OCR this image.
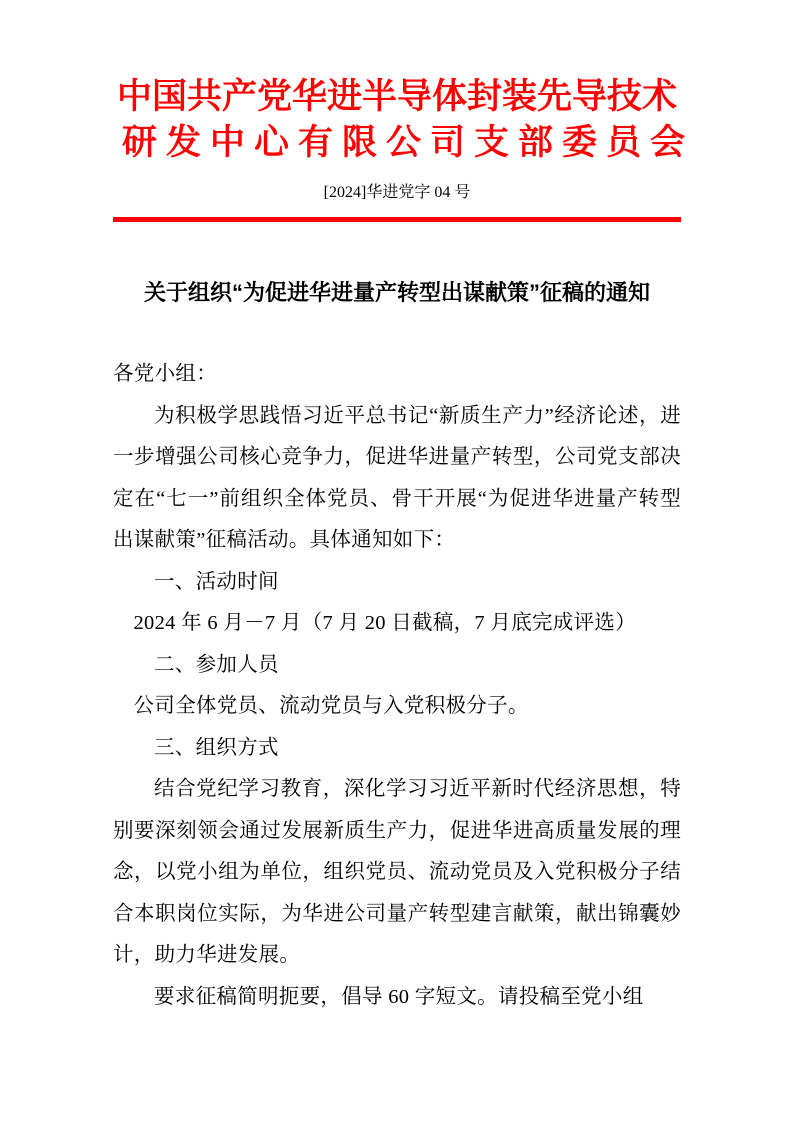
中国共产党华进半导体封装先导技术
研发中心有限公司支部委员会
[2024]华进党字 04 号
关于组织“为促进华进量产转型出谋献策”征稿的通知

各党小组：

为积极学思践悟习近平总书记“新质生产力”经济论述，进一步增强公司核心竞争力，促进华进量产转型，公司党支部决定在“七一”前组织全体党员、骨干开展“为促进华进量产转型出谋献策”征稿活动。具体通知如下：

一、活动时间

2024 年 6 月－7 月（7 月 20 日截稿，7 月底完成评选）

二、参加人员

公司全体党员、流动党员与入党积极分子。

三、组织方式

结合党纪学习教育，深化学习习近平新时代经济思想，特别要深刻领会通过发展新质生产力，促进华进高质量发展的理念，以党小组为单位，组织党员、流动党员及入党积极分子结合本职岗位实际，为华进公司量产转型建言献策，献出锦囊妙计，助力华进发展。

要求征稿简明扼要，倡导 60 字短文。请投稿至党小组
